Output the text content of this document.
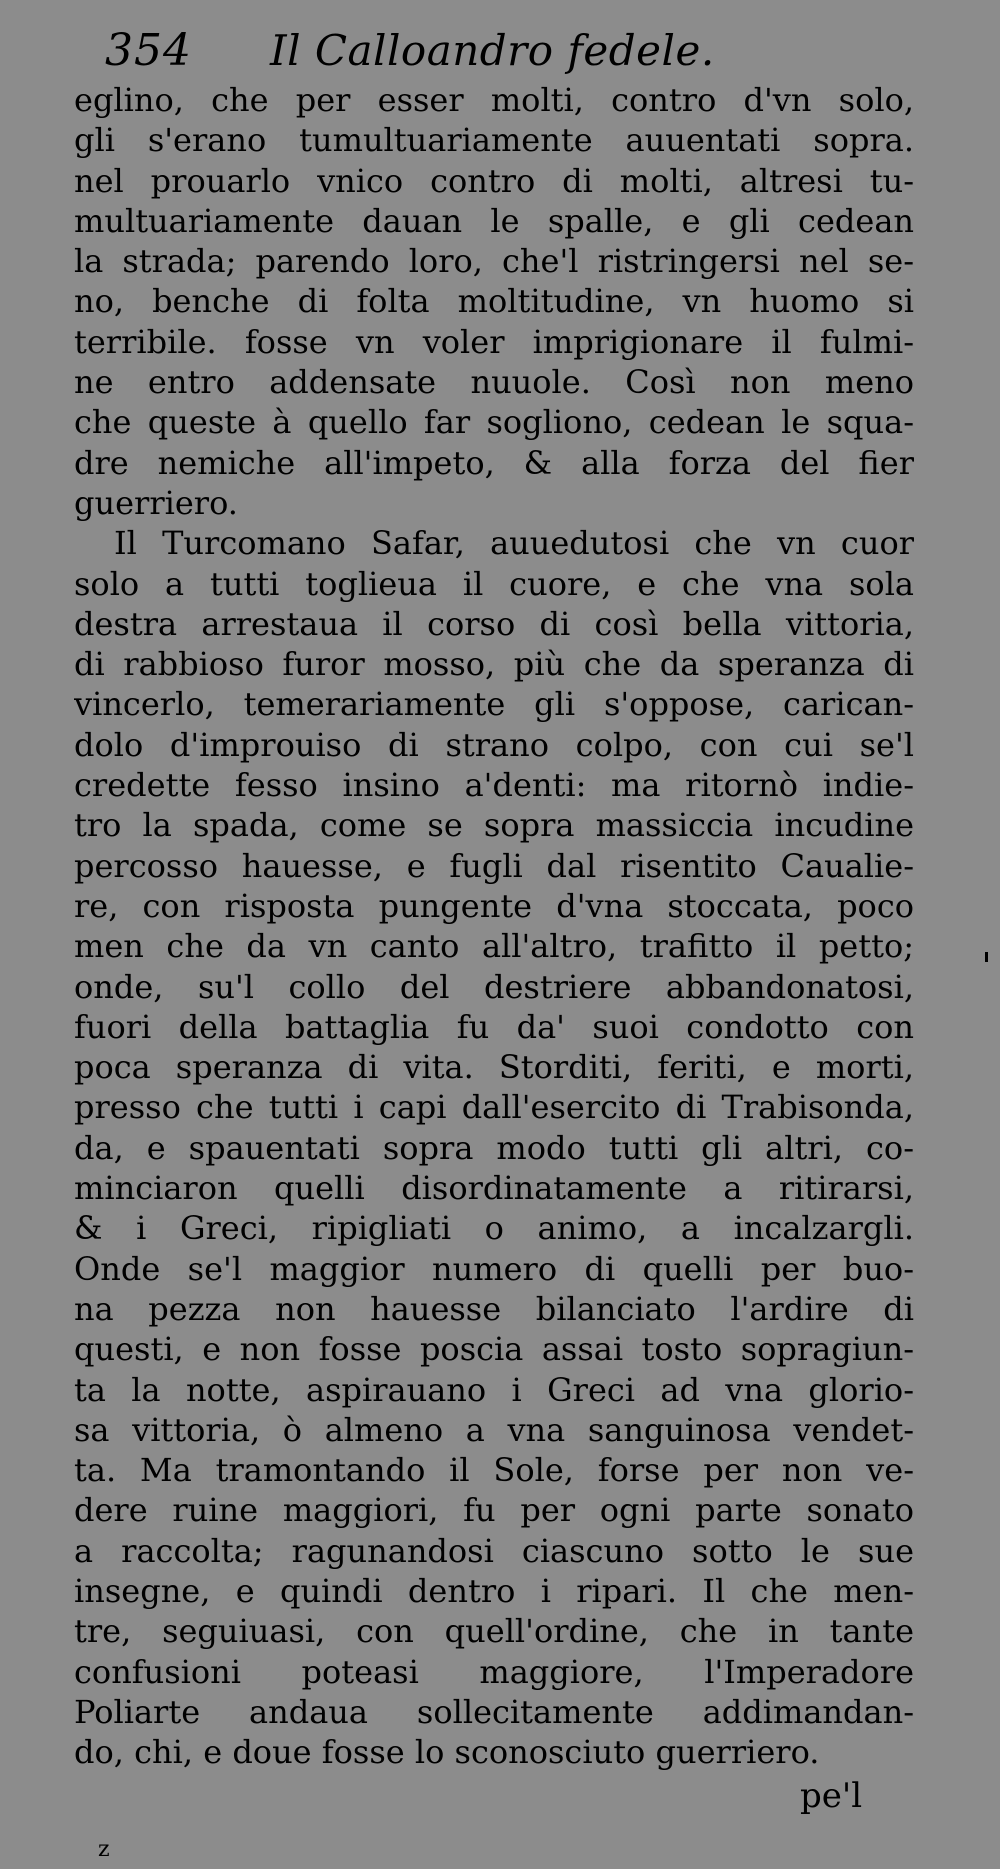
354 Il Calloandro fedele.
eglino, che per esser molti, contro d'vn solo,
gli s'erano tumultuariamente auuentati sopra.
nel prouarlo vnico contro di molti, altresi tu-
multuariamente dauan le spalle, e gli cedean
la strada; parendo loro, che'l ristringersi nel se-
no, benche di folta moltitudine, vn huomo si
terribile. fosse vn voler imprigionare il fulmi-
ne entro addensate nuuole. Così non meno
che queste à quello far sogliono, cedean le squa-
dre nemiche all'impeto, & alla forza del fier
guerriero.
Il Turcomano Safar, auuedutosi che vn cuor
solo a tutti toglieua il cuore, e che vna sola
destra arrestaua il corso di così bella vittoria,
di rabbioso furor mosso, più che da speranza di
vincerlo, temerariamente gli s'oppose, carican-
dolo d'improuiso di strano colpo, con cui se'l
credette fesso insino a'denti: ma ritornò indie-
tro la spada, come se sopra massiccia incudine
percosso hauesse, e fugli dal risentito Caualie-
re, con risposta pungente d'vna stoccata, poco
men che da vn canto all'altro, trafitto il petto;
onde, su'l collo del destriere abbandonatosi,
fuori della battaglia fu da' suoi condotto con
poca speranza di vita. Storditi, feriti, e morti,
presso che tutti i capi dall'esercito di Trabisonda,
da, e spauentati sopra modo tutti gli altri, co-
minciaron quelli disordinatamente a ritirarsi,
& i Greci, ripigliati o animo, a incalzargli.
Onde se'l maggior numero di quelli per buo-
na pezza non hauesse bilanciato l'ardire di
questi, e non fosse poscia assai tosto sopragiun-
ta la notte, aspirauano i Greci ad vna glorio-
sa vittoria, ò almeno a vna sanguinosa vendet-
ta. Ma tramontando il Sole, forse per non ve-
dere ruine maggiori, fu per ogni parte sonato
a raccolta; ragunandosi ciascuno sotto le sue
insegne, e quindi dentro i ripari. Il che men-
tre, seguiuasi, con quell'ordine, che in tante
confusioni poteasi maggiore, l'Imperadore
Poliarte andaua sollecitamente addimandan-
do, chi, e doue fosse lo sconosciuto guerriero.
pe'l
z
